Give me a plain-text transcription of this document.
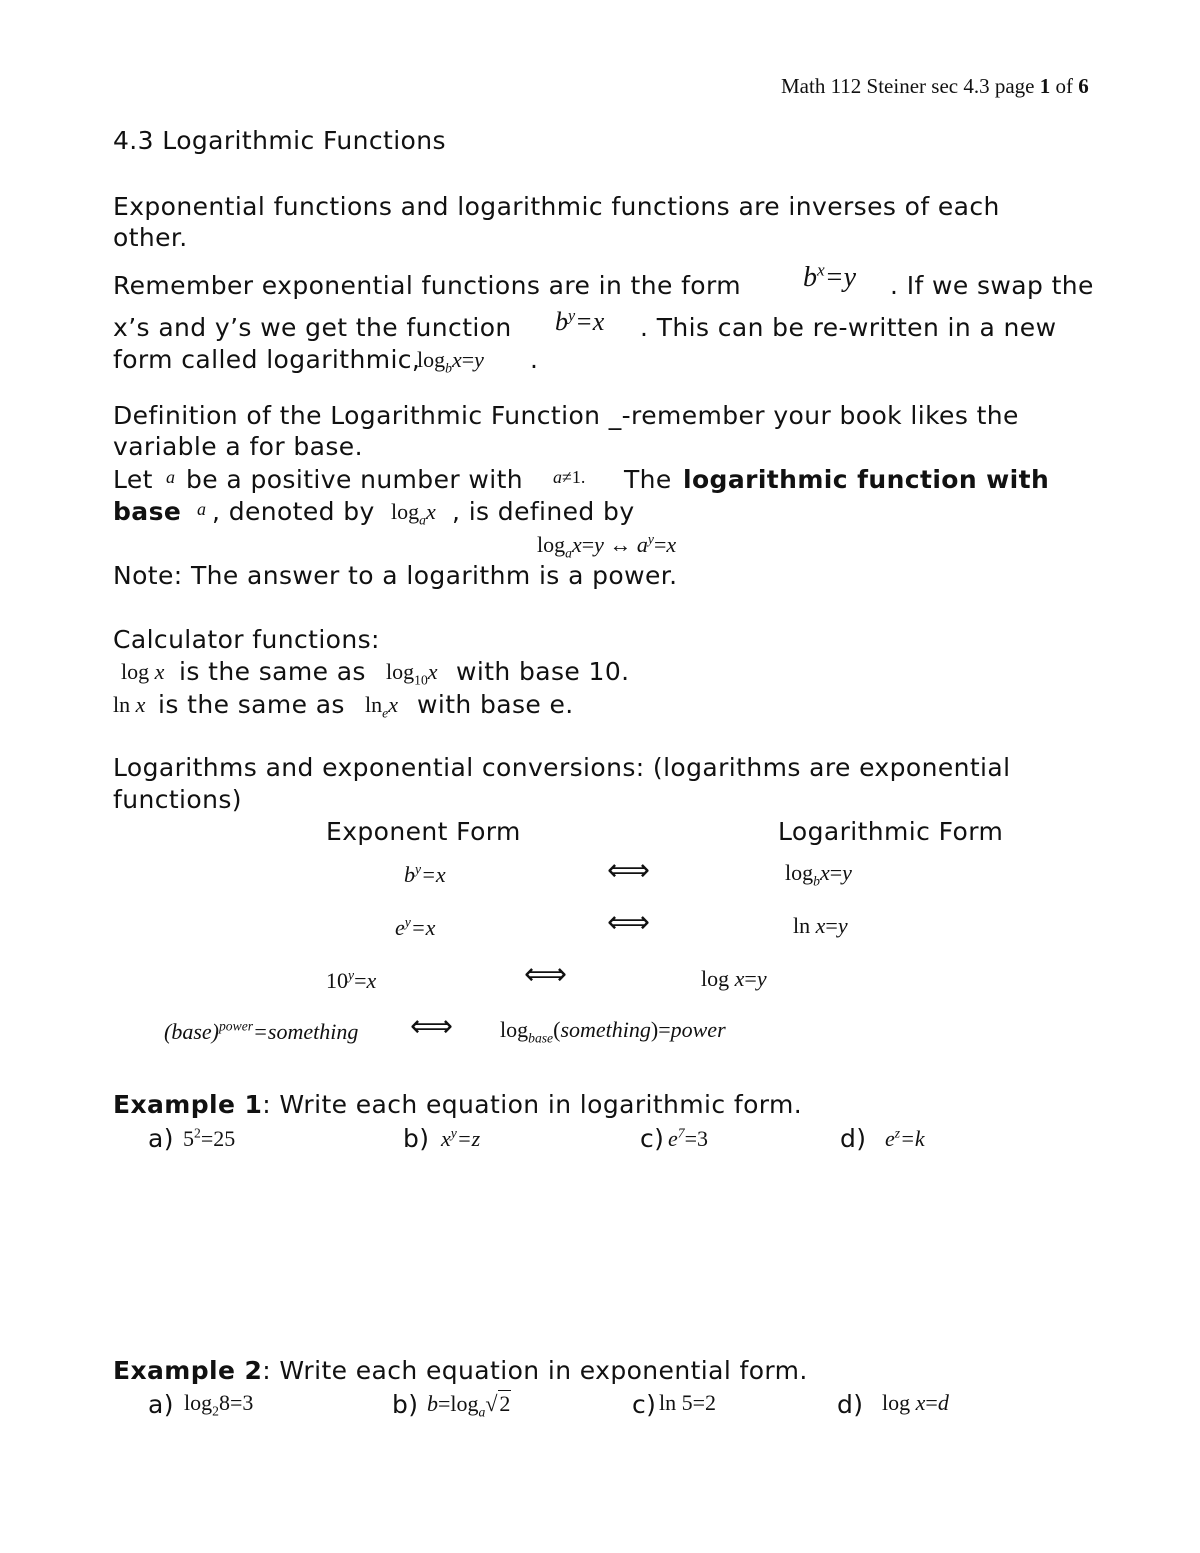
Math 112 Steiner sec 4.3 page 1 of 6
4.3 Logarithmic Functions
Exponential functions and logarithmic functions are inverses of each
other.
Remember exponential functions are in the form $b^x=y$ . If we swap the
x’s and y’s we get the function $b^y=x$ . This can be re-written in a new
form called logarithmic,
$\log_bx=y$ .
Definition of the Logarithmic Function _-remember your book likes the
variable a for base.
Let a be a positive number with a≠1. The logarithmic function with
base a , denoted by $\log_ax$ , is defined by
$\log_ax=y$ ↔ $a^y=x$
Note: The answer to a logarithm is a power.
Calculator functions:
log x is the same as $\log_{10}x$ with base 10.
ln x is the same as $\ln_ex$ with base e.
Logarithms and exponential conversions: (logarithms are exponential
functions)
Exponent Form	Logarithmic Form
$b^y=x$	⟺	$\log_bx=y$
$e^y=x$	⟺	ln x=y
$10^y=x$	⟺	log x=y
(base)$^{power}$=something ⟺ $\log_{base}(something)=power$
Example 1: Write each equation in logarithmic form.
a) $5^2=25$	b) $x^y=z$	c) $e^7=3$	d) $e^z=k$
Example 2: Write each equation in exponential form.
a) $\log_28=3$	b) $b=\log_a√2$	c) ln 5=2	d) log x=d
